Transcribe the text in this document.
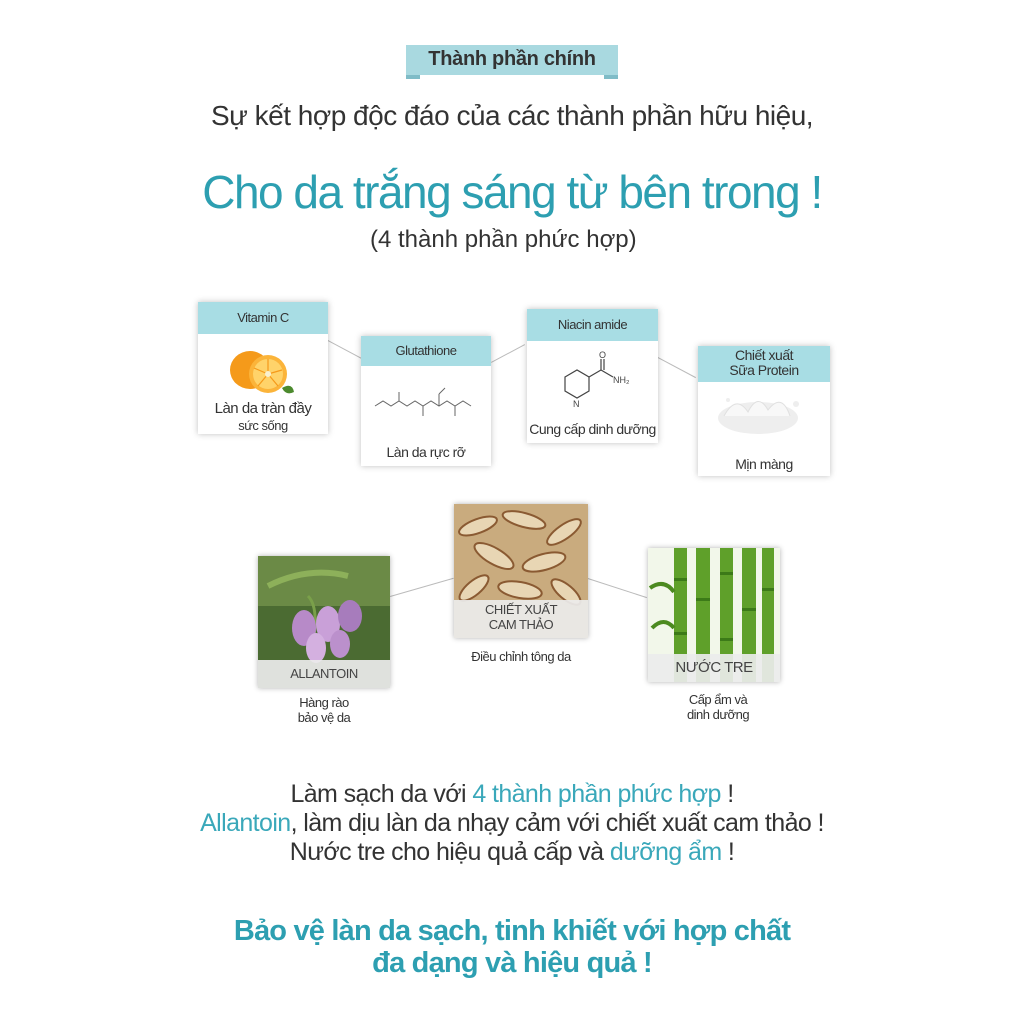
Thành phần chính
Sự kết hợp độc đáo của các thành phần hữu hiệu,
Cho da trắng sáng từ bên trong !
(4 thành phần phức hợp)
Vitamin C
Làn da tràn đầy
sức sống
Glutathione
Làn da rực rỡ
Niacin amide
O
NH₂
N
Cung cấp dinh dưỡng
Chiết xuất
Sữa Protein
Mịn màng
ALLANTOIN
Hàng rào
bảo vệ da
CHIẾT XUẤT
CAM THẢO
Điều chỉnh tông da
NƯỚC TRE
Cấp ẩm và
dinh dưỡng
Làm sạch da với 4 thành phần phức hợp !
Allantoin, làm dịu làn da nhạy cảm với chiết xuất cam thảo !
Nước tre cho hiệu quả cấp và dưỡng ẩm !
Bảo vệ làn da sạch, tinh khiết với hợp chất
đa dạng và hiệu quả !
